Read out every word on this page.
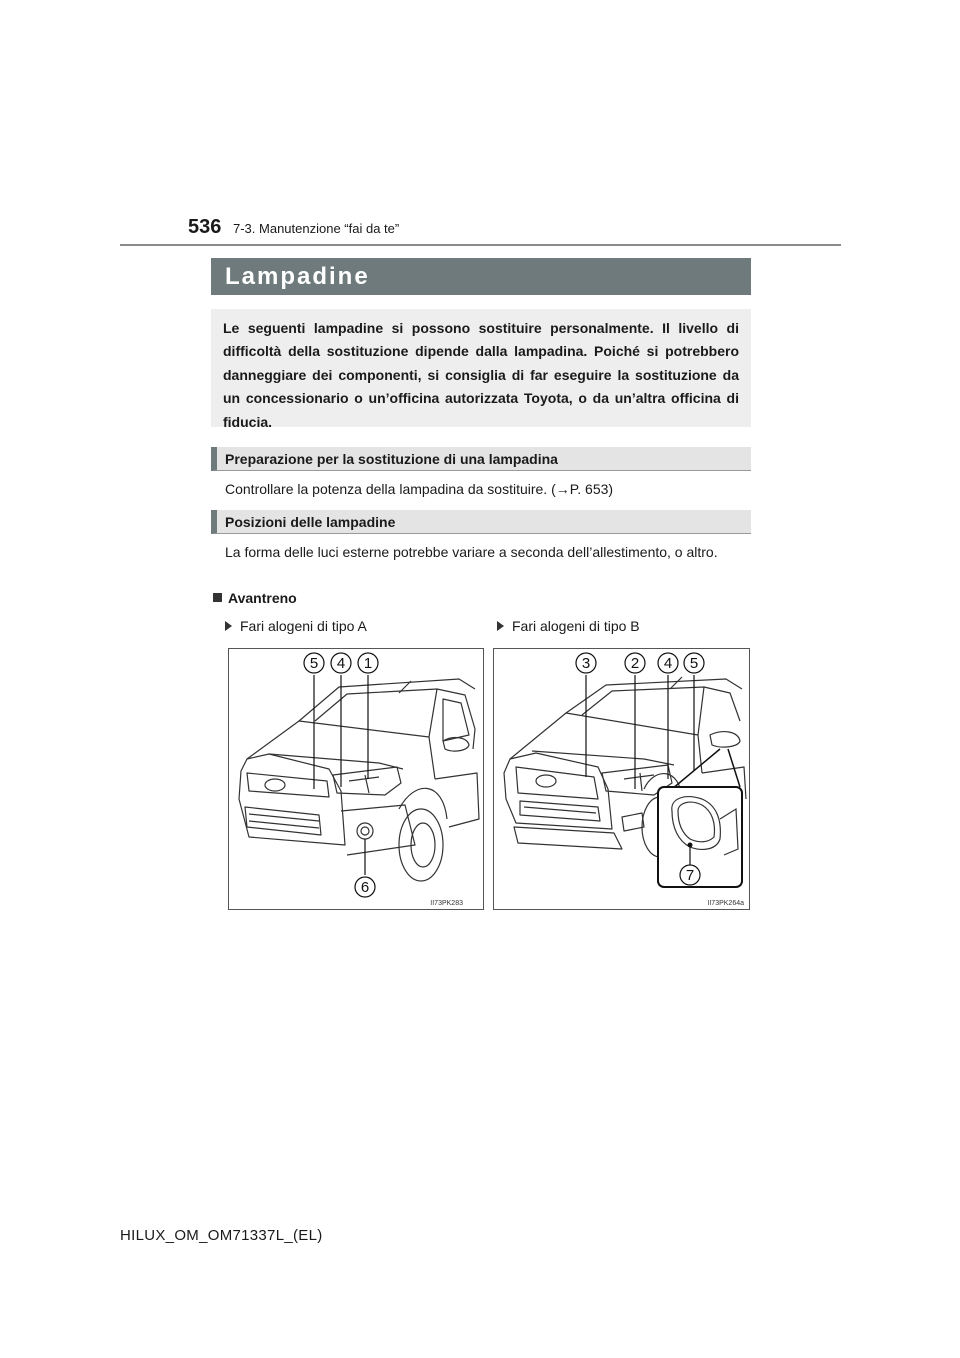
536 7-3. Manutenzione “fai da te”
Lampadine

Le seguenti lampadine si possono sostituire personalmente. Il livello di difficoltà della sostituzione dipende dalla lampadina. Poiché si potrebbero danneggiare dei componenti, si consiglia di far eseguire la sostituzione da un concessionario o un’officina autorizzata Toyota, o da un’altra officina di fiducia.

Preparazione per la sostituzione di una lampadina
Controllare la potenza della lampadina da sostituire. (→P. 653)
Posizioni delle lampadine
La forma delle luci esterne potrebbe variare a seconda dell’allestimento, o altro.
Avantreno
Fari alogeni di tipo A	Fari alogeni di tipo B
5 4 1
6
II73PK283
3	2 4 5
7
II73PK264a
HILUX_OM_OM71337L_(EL)
